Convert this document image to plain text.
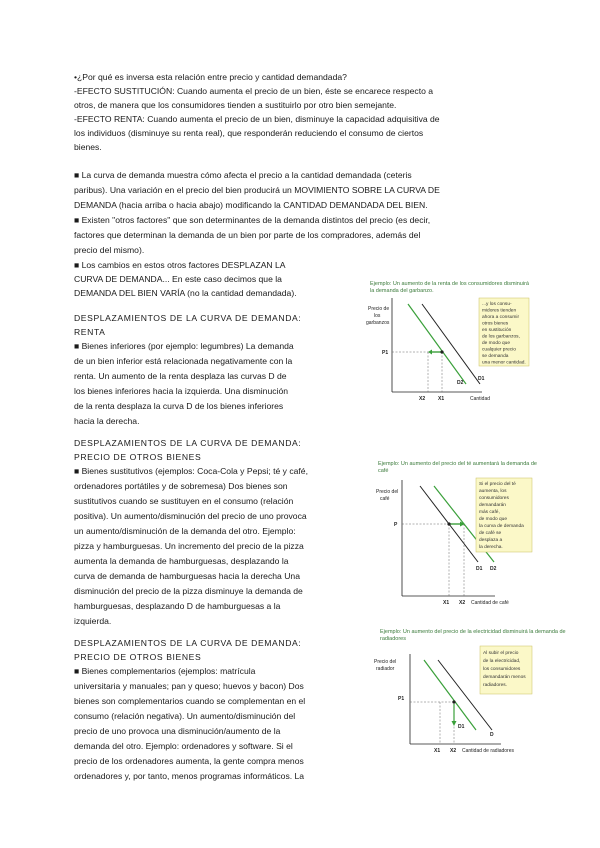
•¿Por qué es inversa esta relación entre precio y cantidad demandada?
-EFECTO SUSTITUCIÓN: Cuando aumenta el precio de un bien, éste se encarece respecto a
otros, de manera que los consumidores tienden a sustituirlo por otro bien semejante.
-EFECTO RENTA: Cuando aumenta el precio de un bien, disminuye la capacidad adquisitiva de
los individuos (disminuye su renta real), que responderán reduciendo el consumo de ciertos
bienes.
■ La curva de demanda muestra cómo afecta el precio a la cantidad demandada (ceteris
paribus). Una variación en el precio del bien producirá un MOVIMIENTO SOBRE LA CURVA DE
DEMANDA (hacia arriba o hacia abajo) modificando la CANTIDAD DEMANDADA DEL BIEN.
■ Existen "otros factores" que son determinantes de la demanda distintos del precio (es decir,
factores que determinan la demanda de un bien por parte de los compradores, además del
precio del mismo).
■ Los cambios en estos otros factores DESPLAZAN LA
CURVA DE DEMANDA... En este caso decimos que la
DEMANDA DEL BIEN VARÍA (no la cantidad demandada).
DESPLAZAMIENTOS DE LA CURVA DE DEMANDA:
RENTA
■ Bienes inferiores (por ejemplo: legumbres) La demanda
de un bien inferior está relacionada negativamente con la
renta. Un aumento de la renta desplaza las curvas D de
los bienes inferiores hacia la izquierda. Una disminución
de la renta desplaza la curva D de los bienes inferiores
hacia la derecha.
DESPLAZAMIENTOS DE LA CURVA DE DEMANDA:
PRECIO DE OTROS BIENES
■ Bienes sustitutivos (ejemplos: Coca-Cola y Pepsi; té y café,
ordenadores portátiles y de sobremesa) Dos bienes son
sustitutivos cuando se sustituyen en el consumo (relación
positiva). Un aumento/disminución del precio de uno provoca
un aumento/disminución de la demanda del otro. Ejemplo:
pizza y hamburguesas. Un incremento del precio de la pizza
aumenta la demanda de hamburguesas, desplazando la
curva de demanda de hamburguesas hacia la derecha Una
disminución del precio de la pizza disminuye la demanda de
hamburguesas, desplazando D de hamburguesas a la
izquierda.
DESPLAZAMIENTOS DE LA CURVA DE DEMANDA:
PRECIO DE OTROS BIENES
■ Bienes complementarios (ejemplos: matrícula
universitaria y manuales; pan y queso; huevos y bacon) Dos
bienes son complementarios cuando se complementan en el
consumo (relación negativa). Un aumento/disminución del
precio de uno provoca una disminución/aumento de la
demanda del otro. Ejemplo: ordenadores y software. Si el
precio de los ordenadores aumenta, la gente compra menos
ordenadores y, por tanto, menos programas informáticos. La
Ejemplo: Un aumento de la renta de los consumidores disminuirá
la demanda del garbanzo.
Precio de
los
garbanzos
P1
X2	X1
D2
D1
Cantidad
...y los consu-
midores tienden
ahora a consumir
otros bienes
en sustitución
de los garbanzos,
de modo que
cualquier precio
se demanda
una menor cantidad.
Ejemplo: Un aumento del precio del té aumentará la demanda de
café
Precio del
café
P
X1 X2
D1 D2
Cantidad de café
Si el precio del té
aumenta, los
consumidores
demandarán
más café,
de modo que
la curva de demanda
de café se
desplaza a
la derecha.
Ejemplo: Un aumento del precio de la electricidad disminuirá la demanda de
radiadores
Precio del
radiador
P1
X1 X2
D1
D
Cantidad de radiadores
Al subir el precio
de la electricidad,
los consumidores
demandarán menos
radiadores.
